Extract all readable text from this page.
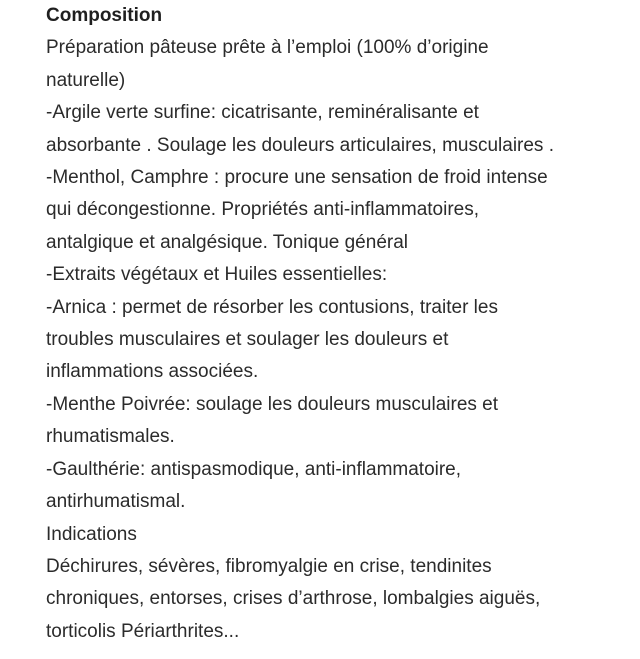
Composition
Préparation pâteuse prête à l’emploi (100% d’origine
naturelle)
-Argile verte surfine: cicatrisante, reminéralisante et
absorbante . Soulage les douleurs articulaires, musculaires .
-Menthol, Camphre : procure une sensation de froid intense
qui décongestionne. Propriétés anti-inflammatoires,
antalgique et analgésique. Tonique général
-Extraits végétaux et Huiles essentielles:
-Arnica : permet de résorber les contusions, traiter les
troubles musculaires et soulager les douleurs et
inflammations associées.
-Menthe Poivrée: soulage les douleurs musculaires et
rhumatismales.
-Gaulthérie: antispasmodique, anti-inflammatoire,
antirhumatismal.
Indications
Déchirures, sévères, fibromyalgie en crise, tendinites
chroniques, entorses, crises d’arthrose, lombalgies aiguës,
torticolis Périarthrites...
